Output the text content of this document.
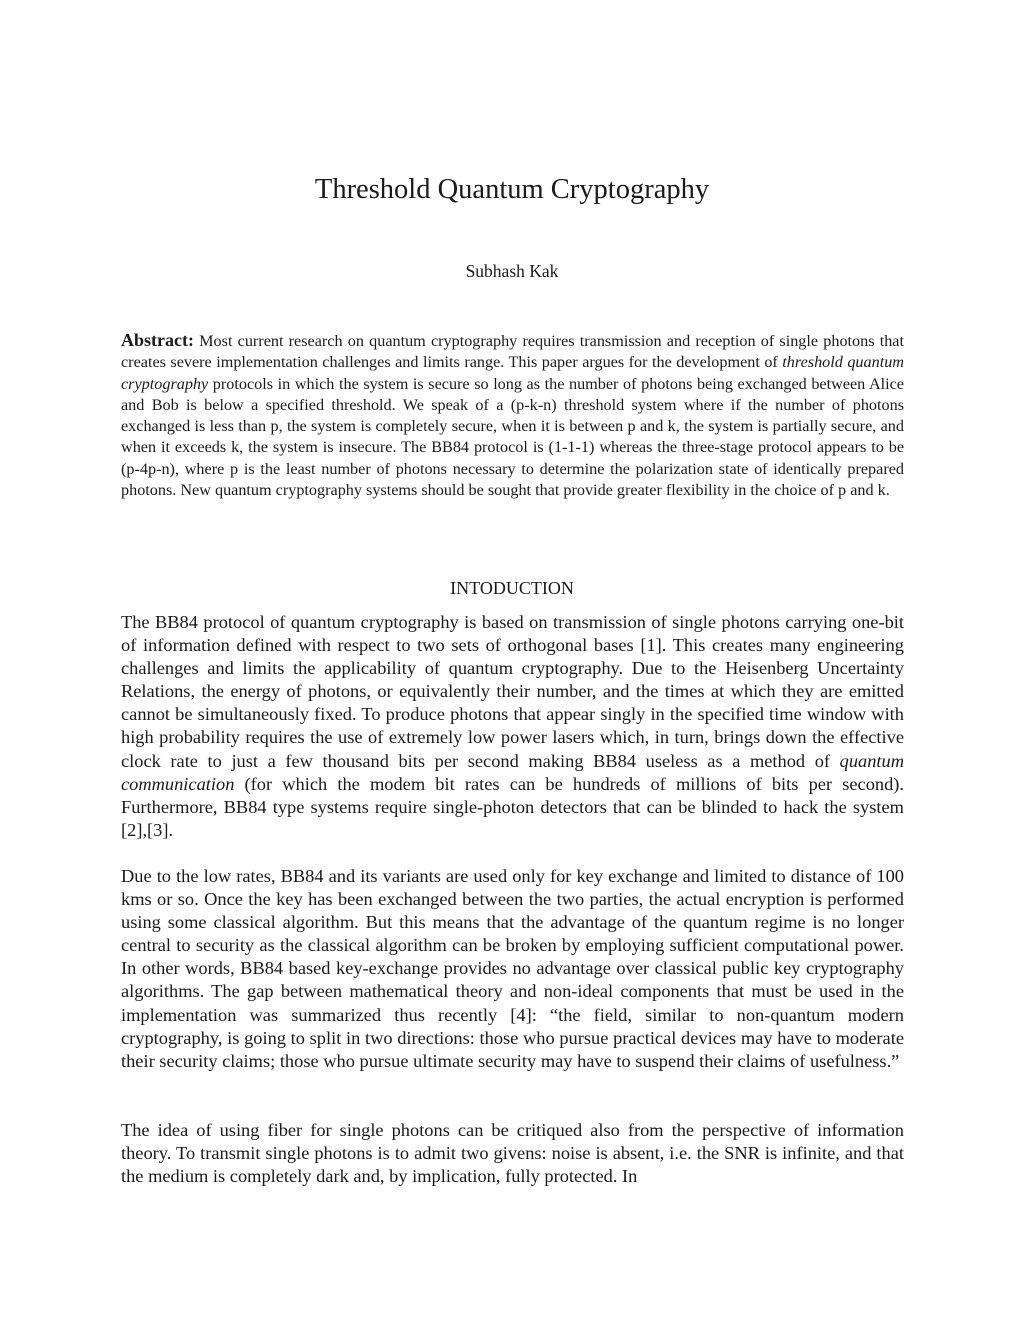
Threshold Quantum Cryptography
Subhash Kak

Abstract: Most current research on quantum cryptography requires transmission and reception of single photons that creates severe implementation challenges and limits range. This paper argues for the development of threshold quantum cryptography protocols in which the system is secure so long as the number of photons being exchanged between Alice and Bob is below a specified threshold. We speak of a (p-k-n) threshold system where if the number of photons exchanged is less than p, the system is completely secure, when it is between p and k, the system is partially secure, and when it exceeds k, the system is insecure. The BB84 protocol is (1-1-1) whereas the three-stage protocol appears to be (p-4p-n), where p is the least number of photons necessary to determine the polarization state of identically prepared photons. New quantum cryptography systems should be sought that provide greater flexibility in the choice of p and k.

INTODUCTION

The BB84 protocol of quantum cryptography is based on transmission of single photons carrying one-bit of information defined with respect to two sets of orthogonal bases [1]. This creates many engineering challenges and limits the applicability of quantum cryptography. Due to the Heisenberg Uncertainty Relations, the energy of photons, or equivalently their number, and the times at which they are emitted cannot be simultaneously fixed. To produce photons that appear singly in the specified time window with high probability requires the use of extremely low power lasers which, in turn, brings down the effective clock rate to just a few thousand bits per second making BB84 useless as a method of quantum communication (for which the modem bit rates can be hundreds of millions of bits per second). Furthermore, BB84 type systems require single-photon detectors that can be blinded to hack the system [2],[3].

Due to the low rates, BB84 and its variants are used only for key exchange and limited to distance of 100 kms or so. Once the key has been exchanged between the two parties, the actual encryption is performed using some classical algorithm. But this means that the advantage of the quantum regime is no longer central to security as the classical algorithm can be broken by employing sufficient computational power. In other words, BB84 based key-exchange provides no advantage over classical public key cryptography algorithms. The gap between mathematical theory and non-ideal components that must be used in the implementation was summarized thus recently [4]: “the field, similar to non-quantum modern cryptography, is going to split in two directions: those who pursue practical devices may have to moderate their security claims; those who pursue ultimate security may have to suspend their claims of usefulness.”

The idea of using fiber for single photons can be critiqued also from the perspective of information theory. To transmit single photons is to admit two givens: noise is absent, i.e. the SNR is infinite, and that the medium is completely dark and, by implication, fully protected. In
